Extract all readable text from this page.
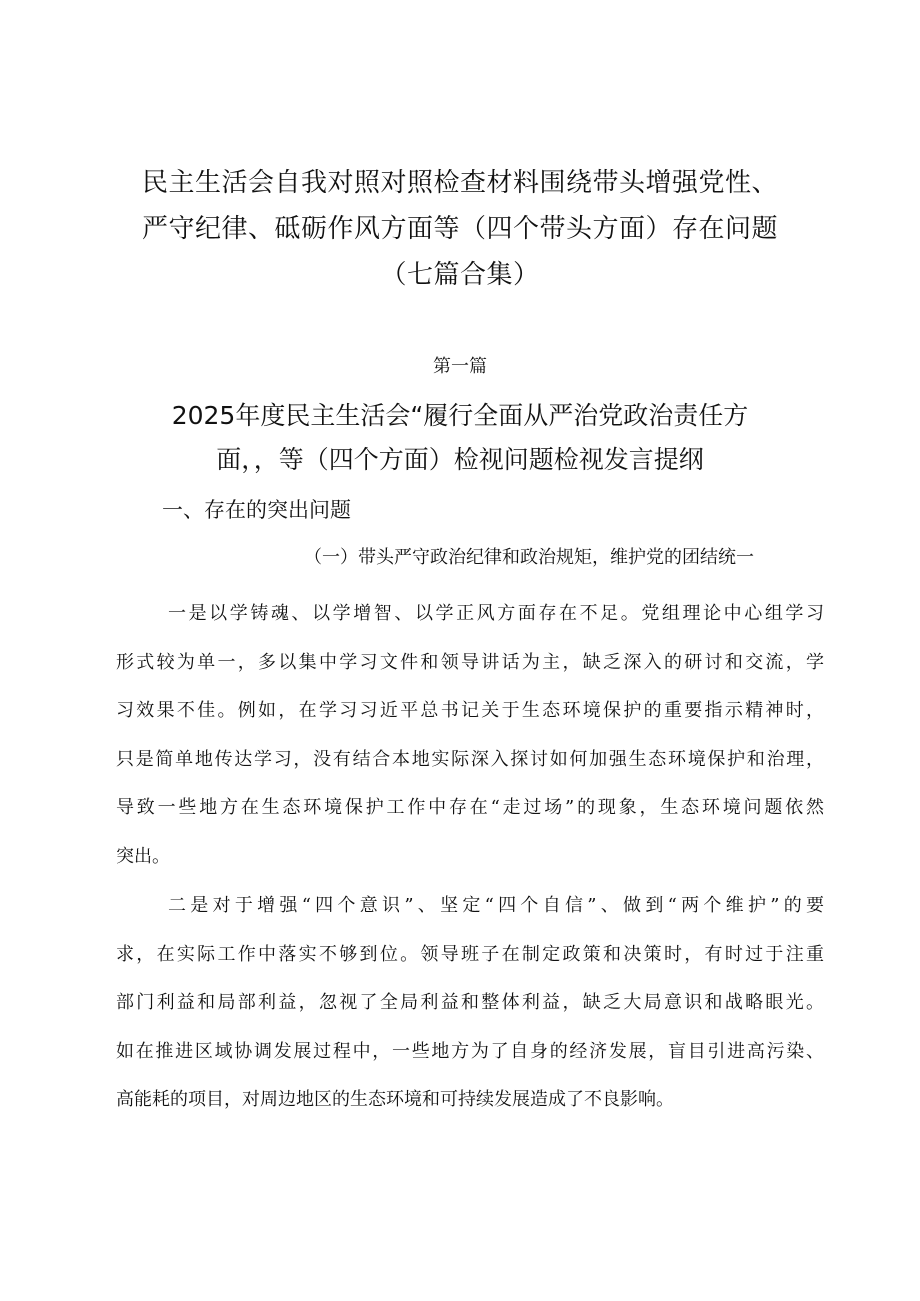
民主生活会自我对照对照检查材料围绕带头增强党性、
严守纪律、砥砺作风方面等（四个带头方面）存在问题
（七篇合集）
第一篇
2025年度民主生活会“履行全面从严治党政治责任方
面，，等（四个方面）检视问题检视发言提纲
一、存在的突出问题
（一）带头严守政治纪律和政治规矩，维护党的团结统一
一是以学铸魂、以学增智、以学正风方面存在不足。党组理论中心组学习
形式较为单一，多以集中学习文件和领导讲话为主，缺乏深入的研讨和交流，学
习效果不佳。例如，在学习习近平总书记关于生态环境保护的重要指示精神时，
只是简单地传达学习，没有结合本地实际深入探讨如何加强生态环境保护和治理，
导致一些地方在生态环境保护工作中存在“走过场”的现象，生态环境问题依然
突出。
二是对于增强“四个意识”、坚定“四个自信”、做到“两个维护”的要
求，在实际工作中落实不够到位。领导班子在制定政策和决策时，有时过于注重
部门利益和局部利益，忽视了全局利益和整体利益，缺乏大局意识和战略眼光。
如在推进区域协调发展过程中，一些地方为了自身的经济发展，盲目引进高污染、
高能耗的项目，对周边地区的生态环境和可持续发展造成了不良影响。
